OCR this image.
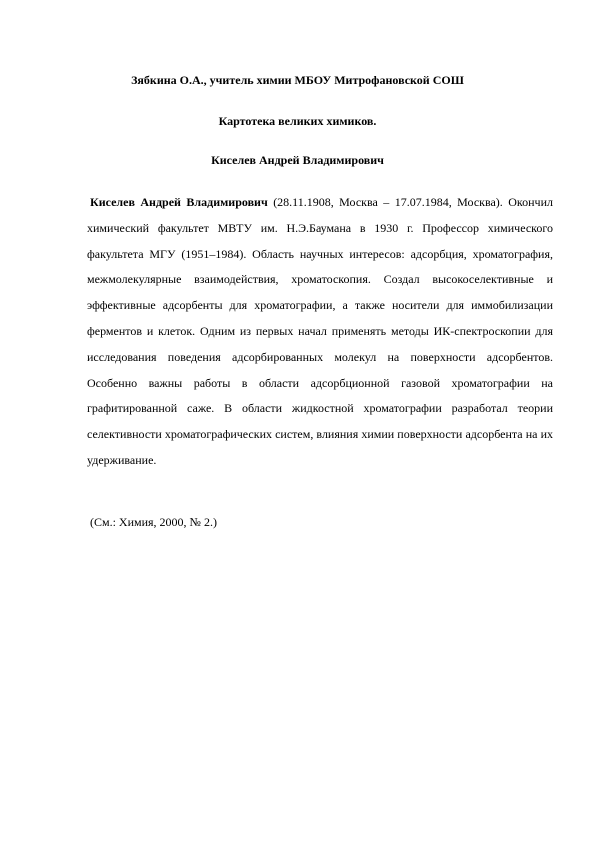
Зябкина О.А., учитель химии МБОУ Митрофановской СОШ
Картотека великих химиков.
Киселев Андрей Владимирович

Киселев Андрей Владимирович (28.11.1908, Москва – 17.07.1984, Москва). Окончил химический факультет МВТУ им. Н.Э.Баумана в 1930 г. Профессор химического факультета МГУ (1951–1984). Область научных интересов: адсорбция, хроматография, межмолекулярные взаимодействия, хроматоскопия. Создал высокоселективные и эффективные адсорбенты для хроматографии, а также носители для иммобилизации ферментов и клеток. Одним из первых начал применять методы ИК-спектроскопии для исследования поведения адсорбированных молекул на поверхности адсорбентов. Особенно важны работы в области адсорбционной газовой хроматографии на графитированной саже. В области жидкостной хроматографии разработал теории селективности хроматографических систем, влияния химии поверхности адсорбента на их удерживание.

(См.: Химия, 2000, № 2.)
